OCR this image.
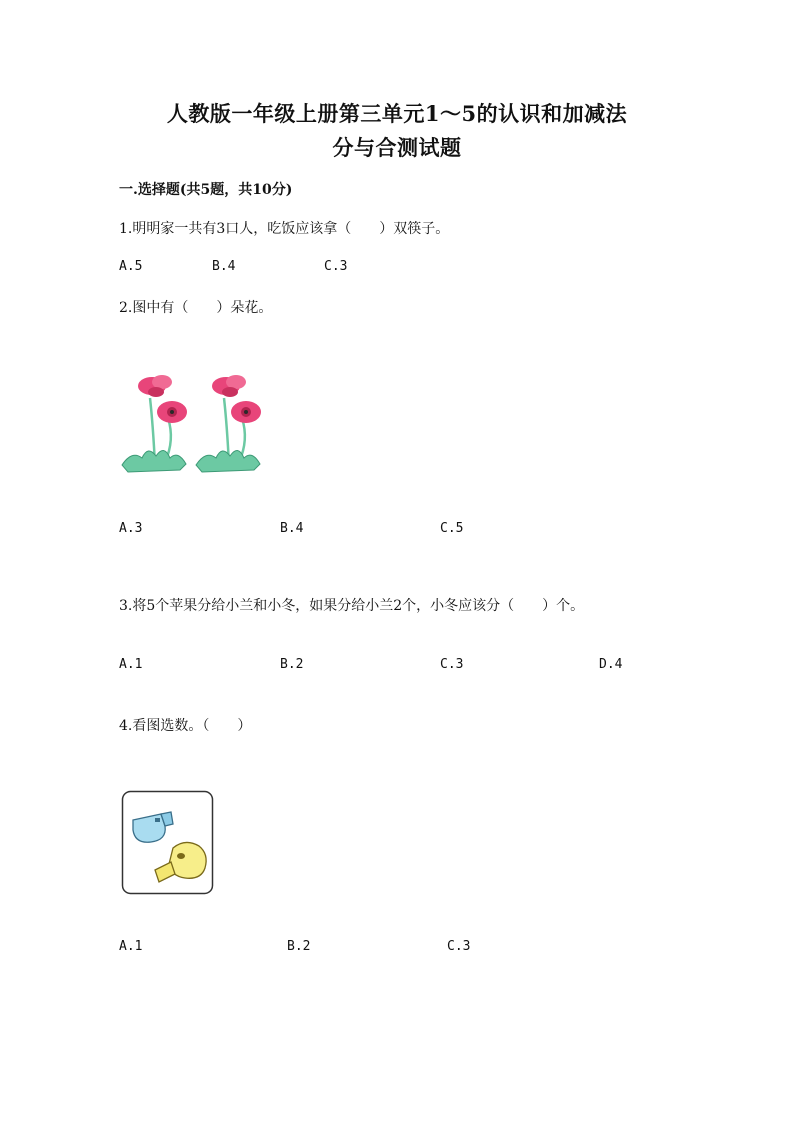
人教版一年级上册第三单元1～5的认识和加减法
分与合测试题
一.选择题(共5题，共10分)
1.明明家一共有3口人，吃饭应该拿（　　）双筷子。
A.5	B.4	C.3
2.图中有（　　）朵花。
A.3	B.4	C.5
3.将5个苹果分给小兰和小冬，如果分给小兰2个，小冬应该分（　　）个。
A.1	B.2	C.3	D.4
4.看图选数。（　　）
A.1	B.2	C.3
